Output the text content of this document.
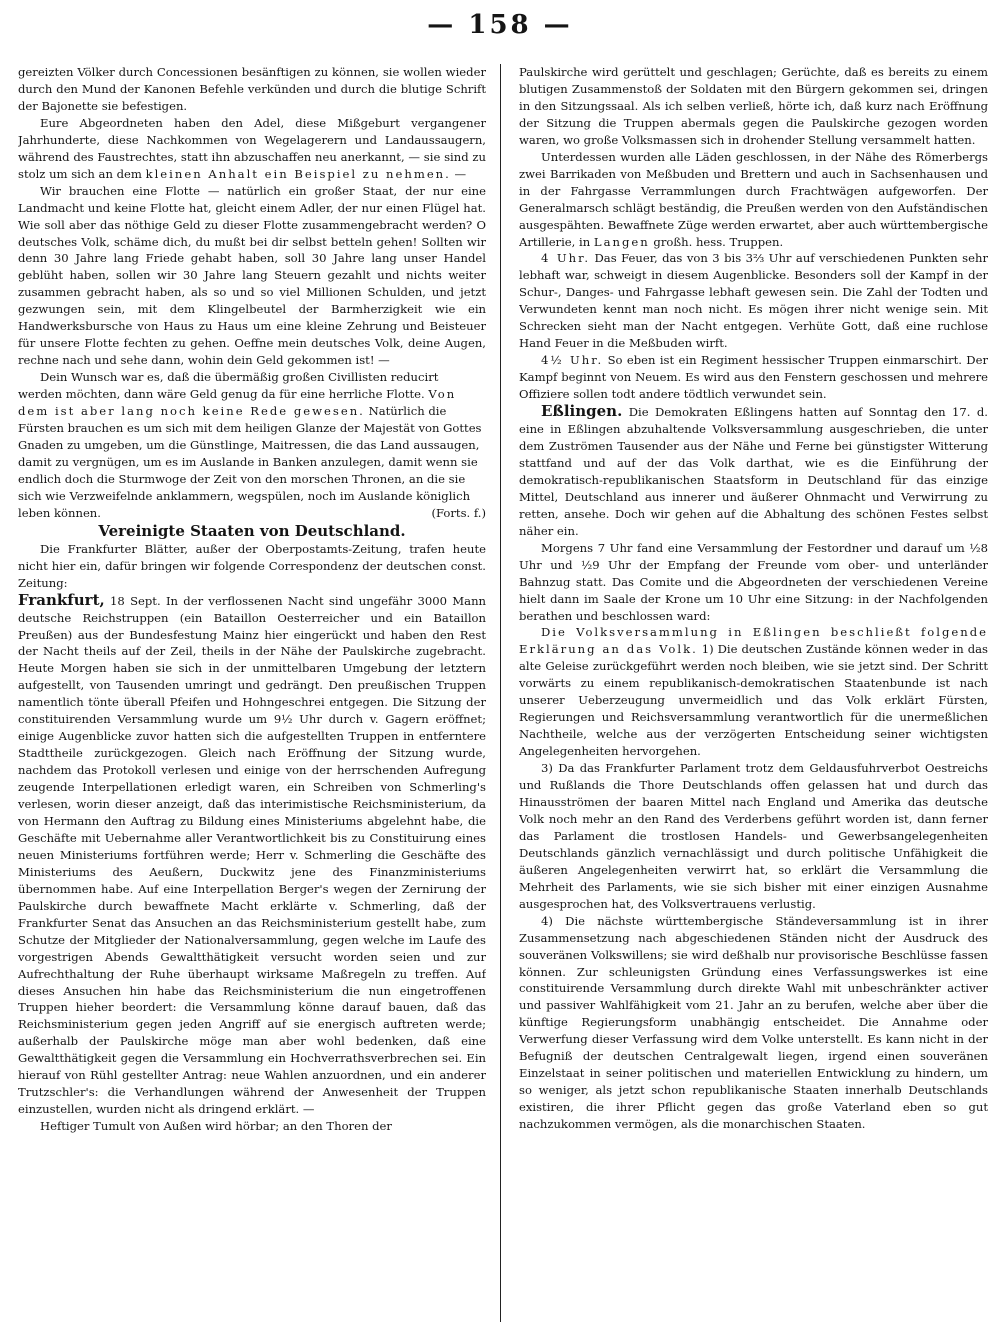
— 158 —

gereizten Völker durch Concessionen besänftigen zu können, sie wollen wieder durch den Mund der Kanonen Befehle verkünden und durch die blutige Schrift der Bajonette sie befestigen.

Eure Abgeordneten haben den Adel, diese Mißgeburt vergangener Jahrhunderte, diese Nachkommen von Wegelagerern und Landaussaugern, während des Faustrechtes, statt ihn abzuschaffen neu anerkannt, — sie sind zu stolz um sich an dem kleinen Anhalt ein Beispiel zu nehmen. —

Wir brauchen eine Flotte — natürlich ein großer Staat, der nur eine Landmacht und keine Flotte hat, gleicht einem Adler, der nur einen Flügel hat. Wie soll aber das nöthige Geld zu dieser Flotte zusammengebracht werden? O deutsches Volk, schäme dich, du mußt bei dir selbst betteln gehen! Sollten wir denn 30 Jahre lang Friede gehabt haben, soll 30 Jahre lang unser Handel geblüht haben, sollen wir 30 Jahre lang Steuern gezahlt und nichts weiter zusammen gebracht haben, als so und so viel Millionen Schulden, und jetzt gezwungen sein, mit dem Klingelbeutel der Barmherzigkeit wie ein Handwerksbursche von Haus zu Haus um eine kleine Zehrung und Beisteuer für unsere Flotte fechten zu gehen. Oeffne mein deutsches Volk, deine Augen, rechne nach und sehe dann, wohin dein Geld gekommen ist! —

Dein Wunsch war es, daß die übermäßig großen Civillisten reducirt werden möchten, dann wäre Geld genug da für eine herrliche Flotte. Von dem ist aber lang noch keine Rede gewesen. Natürlich die Fürsten brauchen es um sich mit dem heiligen Glanze der Majestät von Gottes Gnaden zu umgeben, um die Günstlinge, Maitressen, die das Land aussaugen, damit zu vergnügen, um es im Auslande in Banken anzulegen, damit wenn sie endlich doch die Sturmwoge der Zeit von den morschen Thronen, an die sie sich wie Verzweifelnde anklammern, wegspülen, noch im Auslande königlich leben können.	(Forts. f.)

Vereinigte Staaten von Deutschland.

Die Frankfurter Blätter, außer der Oberpostamts-Zeitung, trafen heute nicht hier ein, dafür bringen wir folgende Correspondenz der deutschen const. Zeitung:

Frankfurt, 18 Sept. In der verflossenen Nacht sind ungefähr 3000 Mann deutsche Reichstruppen (ein Bataillon Oesterreicher und ein Bataillon Preußen) aus der Bundesfestung Mainz hier eingerückt und haben den Rest der Nacht theils auf der Zeil, theils in der Nähe der Paulskirche zugebracht. Heute Morgen haben sie sich in der unmittelbaren Umgebung der letztern aufgestellt, von Tausenden umringt und gedrängt. Den preußischen Truppen namentlich tönte überall Pfeifen und Hohngeschrei entgegen. Die Sitzung der constituirenden Versammlung wurde um 9½ Uhr durch v. Gagern eröffnet; einige Augenblicke zuvor hatten sich die aufgestellten Truppen in entferntere Stadttheile zurückgezogen. Gleich nach Eröffnung der Sitzung wurde, nachdem das Protokoll verlesen und einige von der herrschenden Aufregung zeugende Interpellationen erledigt waren, ein Schreiben von Schmerling's verlesen, worin dieser anzeigt, daß das interimistische Reichsministerium, da von Hermann den Auftrag zu Bildung eines Ministeriums abgelehnt habe, die Geschäfte mit Uebernahme aller Verantwortlichkeit bis zu Constituirung eines neuen Ministeriums fortführen werde; Herr v. Schmerling die Geschäfte des Ministeriums des Aeußern, Duckwitz jene des Finanzministeriums übernommen habe. Auf eine Interpellation Berger's wegen der Zernirung der Paulskirche durch bewaffnete Macht erklärte v. Schmerling, daß der Frankfurter Senat das Ansuchen an das Reichsministerium gestellt habe, zum Schutze der Mitglieder der Nationalversammlung, gegen welche im Laufe des vorgestrigen Abends Gewaltthätigkeit versucht worden seien und zur Aufrechthaltung der Ruhe überhaupt wirksame Maßregeln zu treffen. Auf dieses Ansuchen hin habe das Reichsministerium die nun eingetroffenen Truppen hieher beordert: die Versammlung könne darauf bauen, daß das Reichsministerium gegen jeden Angriff auf sie energisch auftreten werde; außerhalb der Paulskirche möge man aber wohl bedenken, daß eine Gewaltthätigkeit gegen die Versammlung ein Hochverrathsverbrechen sei. Ein hierauf von Rühl gestellter Antrag: neue Wahlen anzuordnen, und ein anderer Trutzschler's: die Verhandlungen während der Anwesenheit der Truppen einzustellen, wurden nicht als dringend erklärt. —

Heftiger Tumult von Außen wird hörbar; an den Thoren der

Paulskirche wird gerüttelt und geschlagen; Gerüchte, daß es bereits zu einem blutigen Zusammenstoß der Soldaten mit den Bürgern gekommen sei, dringen in den Sitzungssaal. Als ich selben verließ, hörte ich, daß kurz nach Eröffnung der Sitzung die Truppen abermals gegen die Paulskirche gezogen worden waren, wo große Volksmassen sich in drohender Stellung versammelt hatten.

Unterdessen wurden alle Läden geschlossen, in der Nähe des Römerbergs zwei Barrikaden von Meßbuden und Brettern und auch in Sachsenhausen und in der Fahrgasse Verrammlungen durch Frachtwägen aufgeworfen. Der Generalmarsch schlägt beständig, die Preußen werden von den Aufständischen ausgespähten. Bewaffnete Züge werden erwartet, aber auch württembergische Artillerie, in Langen großh. hess. Truppen.

4 Uhr. Das Feuer, das von 3 bis 3⅔ Uhr auf verschiedenen Punkten sehr lebhaft war, schweigt in diesem Augenblicke. Besonders soll der Kampf in der Schur-, Danges- und Fahrgasse lebhaft gewesen sein. Die Zahl der Todten und Verwundeten kennt man noch nicht. Es mögen ihrer nicht wenige sein. Mit Schrecken sieht man der Nacht entgegen. Verhüte Gott, daß eine ruchlose Hand Feuer in die Meßbuden wirft.

4½ Uhr. So eben ist ein Regiment hessischer Truppen einmarschirt. Der Kampf beginnt von Neuem. Es wird aus den Fenstern geschossen und mehrere Offiziere sollen todt andere tödtlich verwundet sein.

Eßlingen. Die Demokraten Eßlingens hatten auf Sonntag den 17. d. eine in Eßlingen abzuhaltende Volksversammlung ausgeschrieben, die unter dem Zuströmen Tausender aus der Nähe und Ferne bei günstigster Witterung stattfand und auf der das Volk darthat, wie es die Einführung der demokratisch-republikanischen Staatsform in Deutschland für das einzige Mittel, Deutschland aus innerer und äußerer Ohnmacht und Verwirrung zu retten, ansehe. Doch wir gehen auf die Abhaltung des schönen Festes selbst näher ein.

Morgens 7 Uhr fand eine Versammlung der Festordner und darauf um ½8 Uhr und ½9 Uhr der Empfang der Freunde vom ober- und unterländer Bahnzug statt. Das Comite und die Abgeordneten der verschiedenen Vereine hielt dann im Saale der Krone um 10 Uhr eine Sitzung: in der Nachfolgenden berathen und beschlossen ward:

Die Volksversammlung in Eßlingen beschließt folgende Erklärung an das Volk. 1) Die deutschen Zustände können weder in das alte Geleise zurückgeführt werden noch bleiben, wie sie jetzt sind. Der Schritt vorwärts zu einem republikanisch-demokratischen Staatenbunde ist nach unserer Ueberzeugung unvermeidlich und das Volk erklärt Fürsten, Regierungen und Reichsversammlung verantwortlich für die unermeßlichen Nachtheile, welche aus der verzögerten Entscheidung seiner wichtigsten Angelegenheiten hervorgehen.

3) Da das Frankfurter Parlament trotz dem Geldausfuhrverbot Oestreichs und Rußlands die Thore Deutschlands offen gelassen hat und durch das Hinausströmen der baaren Mittel nach England und Amerika das deutsche Volk noch mehr an den Rand des Verderbens geführt worden ist, dann ferner das Parlament die trostlosen Handels- und Gewerbsangelegenheiten Deutschlands gänzlich vernachlässigt und durch politische Unfähigkeit die äußeren Angelegenheiten verwirrt hat, so erklärt die Versammlung die Mehrheit des Parlaments, wie sie sich bisher mit einer einzigen Ausnahme ausgesprochen hat, des Volksvertrauens verlustig.

4) Die nächste württembergische Ständeversammlung ist in ihrer Zusammensetzung nach abgeschiedenen Ständen nicht der Ausdruck des souveränen Volkswillens; sie wird deßhalb nur provisorische Beschlüsse fassen können. Zur schleunigsten Gründung eines Verfassungswerkes ist eine constituirende Versammlung durch direkte Wahl mit unbeschränkter activer und passiver Wahlfähigkeit vom 21. Jahr an zu berufen, welche aber über die künftige Regierungsform unabhängig entscheidet. Die Annahme oder Verwerfung dieser Verfassung wird dem Volke unterstellt. Es kann nicht in der Befugniß der deutschen Centralgewalt liegen, irgend einen souveränen Einzelstaat in seiner politischen und materiellen Entwicklung zu hindern, um so weniger, als jetzt schon republikanische Staaten innerhalb Deutschlands existiren, die ihrer Pflicht gegen das große Vaterland eben so gut nachzukommen vermögen, als die monarchischen Staaten.
